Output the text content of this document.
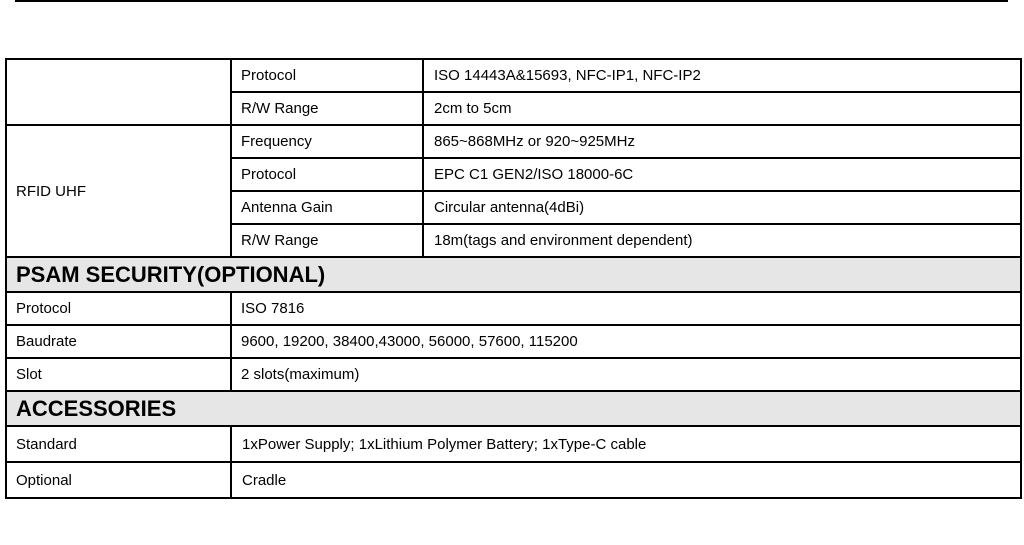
	Protocol	ISO 14443A&15693, NFC-IP1, NFC-IP2
	R/W Range	2cm to 5cm
RFID UHF	Frequency	865~868MHz or 920~925MHz
	Protocol	EPC C1 GEN2/ISO 18000-6C
	Antenna Gain	Circular antenna(4dBi)
	R/W Range	18m(tags and environment dependent)
PSAM SECURITY(OPTIONAL)		
Protocol	ISO 7816	
Baudrate	9600, 19200, 38400,43000, 56000, 57600, 115200	
Slot	2 slots(maximum)	
ACCESSORIES		
Standard	1xPower Supply; 1xLithium Polymer Battery; 1xType-C cable	
Optional	Cradle	
